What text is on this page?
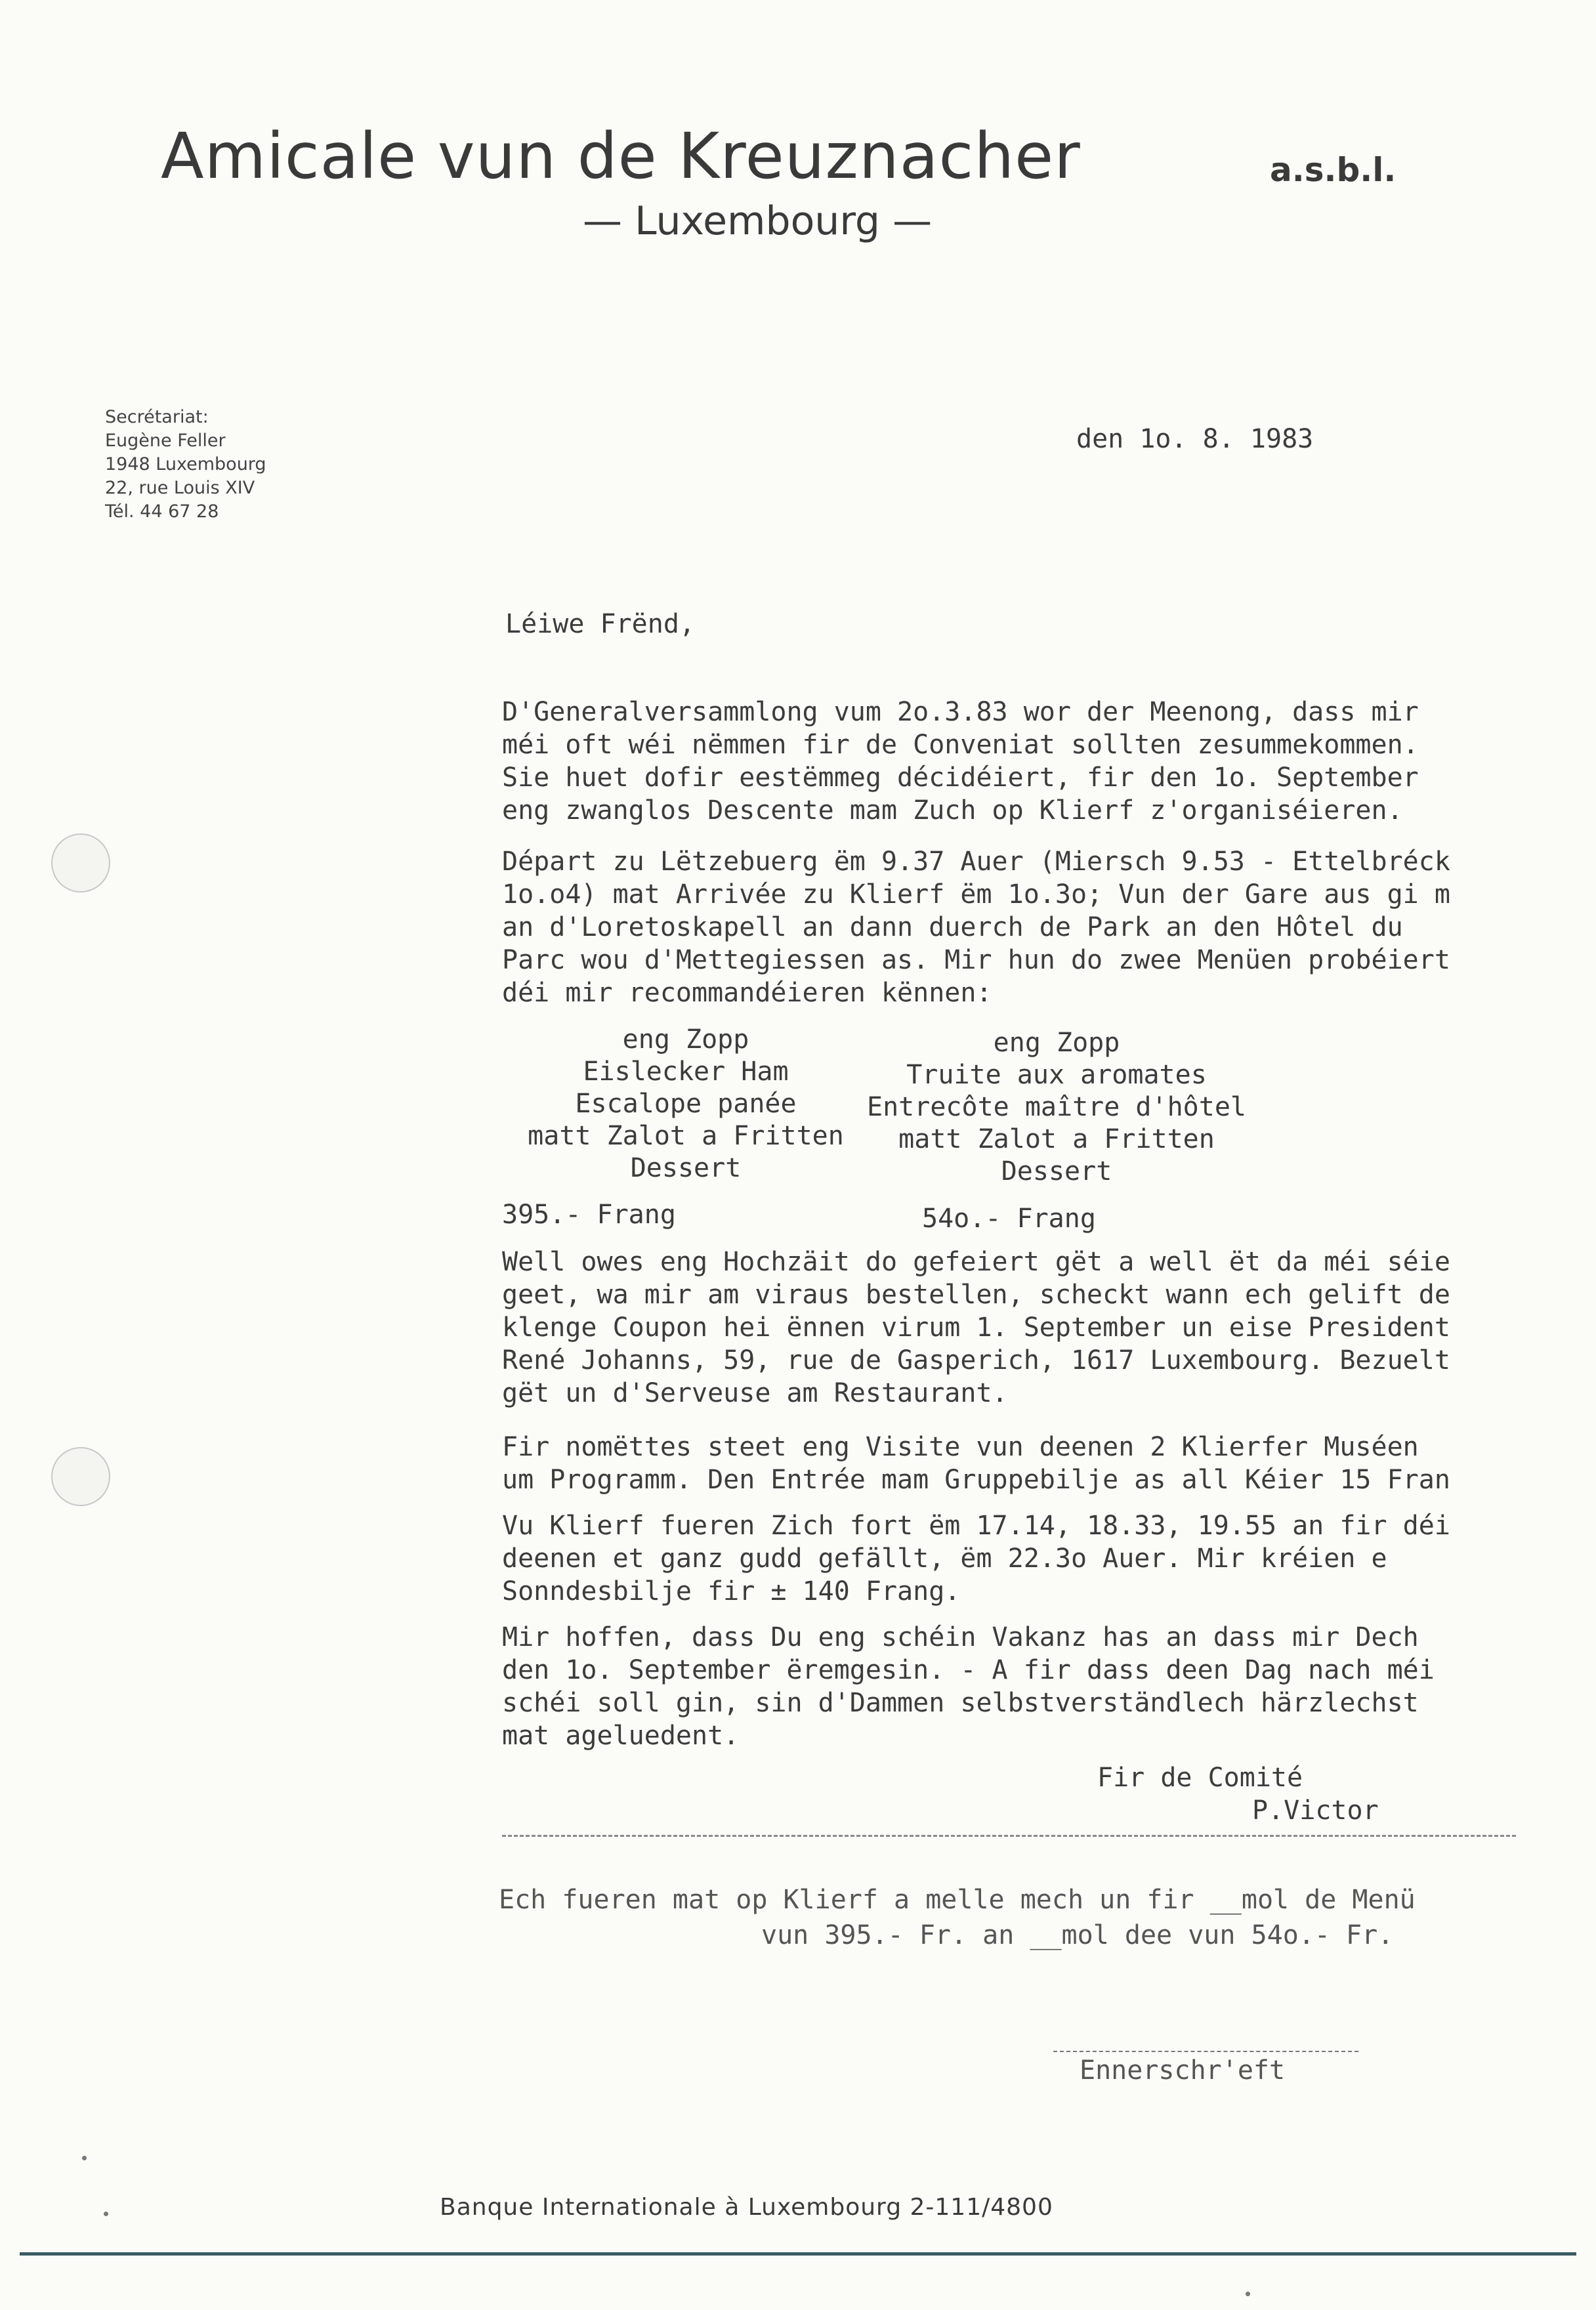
Amicale vun de Kreuznacher	a.s.b.l.
— Luxembourg —
Secrétariat:
Eugène Feller
1948 Luxembourg
22, rue Louis XIV
Tél. 44 67 28
den 1o. 8. 1983
Léiwe Frënd,
D'Generalversammlong vum 2o.3.83 wor der Meenong, dass mir
méi oft wéi nëmmen fir de Conveniat sollten zesummekommen.
Sie huet dofir eestëmmeg décidéiert, fir den 1o. September
eng zwanglos Descente mam Zuch op Klierf z'organiséieren.
Départ zu Lëtzebuerg ëm 9.37 Auer (Miersch 9.53 - Ettelbréck
1o.o4) mat Arrivée zu Klierf ëm 1o.3o; Vun der Gare aus gi m
an d'Loretoskapell an dann duerch de Park an den Hôtel du
Parc wou d'Mettegiessen as. Mir hun do zwee Menüen probéiert
déi mir recommandéieren kënnen:
eng Zopp
Eislecker Ham
Escalope panée
matt Zalot a Fritten
Dessert
eng Zopp
Truite aux aromates
Entrecôte maître d'hôtel
matt Zalot a Fritten
Dessert
395.- Frang	54o.- Frang
Well owes eng Hochzäit do gefeiert gët a well ët da méi séie
geet, wa mir am viraus bestellen, scheckt wann ech gelift de
klenge Coupon hei ënnen virum 1. September un eise President
René Johanns, 59, rue de Gasperich, 1617 Luxembourg. Bezuelt
gët un d'Serveuse am Restaurant.
Fir nomëttes steet eng Visite vun deenen 2 Klierfer Muséen
um Programm. Den Entrée mam Gruppebilje as all Kéier 15 Fran
Vu Klierf fueren Zich fort ëm 17.14, 18.33, 19.55 an fir déi
deenen et ganz gudd gefällt, ëm 22.3o Auer. Mir kréien e
Sonndesbilje fir ± 140 Frang.
Mir hoffen, dass Du eng schéin Vakanz has an dass mir Dech
den 1o. September ëremgesin. - A fir dass deen Dag nach méi
schéi soll gin, sin d'Dammen selbstverständlech härzlechst
mat ageluedent.
Fir de Comité
P.Victor
Ech fueren mat op Klierf a melle mech un fir __mol de Menü
vun 395.- Fr. an __mol dee vun 54o.- Fr.
Ennerschr'eft
Banque Internationale à Luxembourg 2-111/4800
